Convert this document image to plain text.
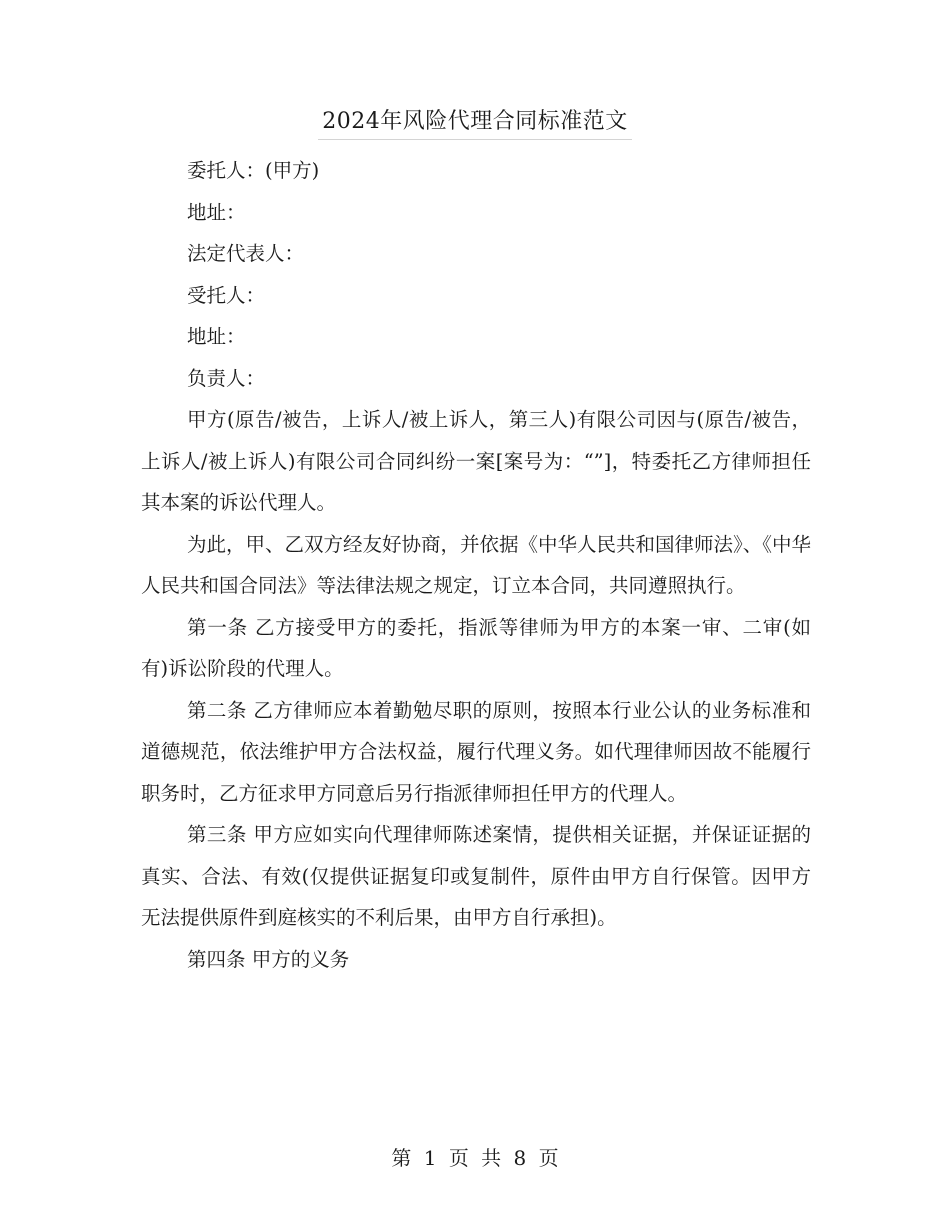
2024年风险代理合同标准范文

委托人：(甲方)

地址：

法定代表人：

受托人：

地址：

负责人：

甲方(原告/被告，上诉人/被上诉人，第三人)有限公司因与(原告/被告，上诉人/被上诉人)有限公司合同纠纷一案[案号为：“”]，特委托乙方律师担任其本案的诉讼代理人。

为此，甲、乙双方经友好协商，并依据《中华人民共和国律师法》、《中华人民共和国合同法》等法律法规之规定，订立本合同，共同遵照执行。

第一条 乙方接受甲方的委托，指派等律师为甲方的本案一审、二审(如有)诉讼阶段的代理人。

第二条 乙方律师应本着勤勉尽职的原则，按照本行业公认的业务标准和道德规范，依法维护甲方合法权益，履行代理义务。如代理律师因故不能履行职务时，乙方征求甲方同意后另行指派律师担任甲方的代理人。

第三条 甲方应如实向代理律师陈述案情，提供相关证据，并保证证据的真实、合法、有效(仅提供证据复印或复制件，原件由甲方自行保管。因甲方无法提供原件到庭核实的不利后果，由甲方自行承担)。

第四条 甲方的义务

第 1 页 共 8 页
